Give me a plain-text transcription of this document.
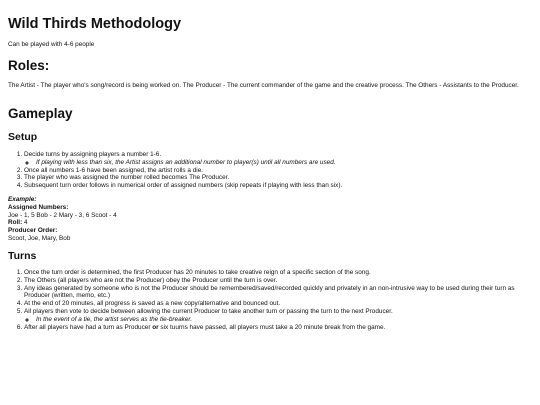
Wild Thirds Methodology

Can be played with 4-6 people

Roles:

The Artist - The player who's song/record is being worked on. The Producer - The current commander of the game and the creative process. The Others - Assistants to the Producer.

Gameplay
Setup
1. Decide turns by assigning players a number 1-6.
◦ If playing with less than six, the Artist assigns an additional number to player(s) until all numbers are used.
2. Once all numbers 1-6 have been assigned, the artist rolls a die.
3. The player who was assigned the number rolled becomes The Producer.
4. Subsequent turn order follows in numerical order of assigned numbers (skip repeats if playing with less than six).
Example:
Assigned Numbers:
Joe - 1, 5 Bob - 2 Mary - 3, 6 Scoot - 4
Roll: 4
Producer Order:
Scoot, Joe, Mary, Bob
Turns
1. Once the turn order is determined, the first Producer has 20 minutes to take creative reign of a specific section of the song.
2. The Others (all players who are not the Producer) obey the Producer until the turn is over.
3. Any ideas generated by someone who is not the Producer should be remembered/saved/recorded quickly and privately in an non-intrusive way to be used during their turn as Producer (written, memo, etc.)
4. At the end of 20 minutes, all progress is saved as a new copy/alternative and bounced out.
5. All players then vote to decide between allowing the current Producer to take another turn or passing the turn to the next Producer.
◦ In the event of a tie, the artist serves as the tie-breaker.
6. After all players have had a turn as Producer or six tuurns have passed, all players must take a 20 minute break from the game.
